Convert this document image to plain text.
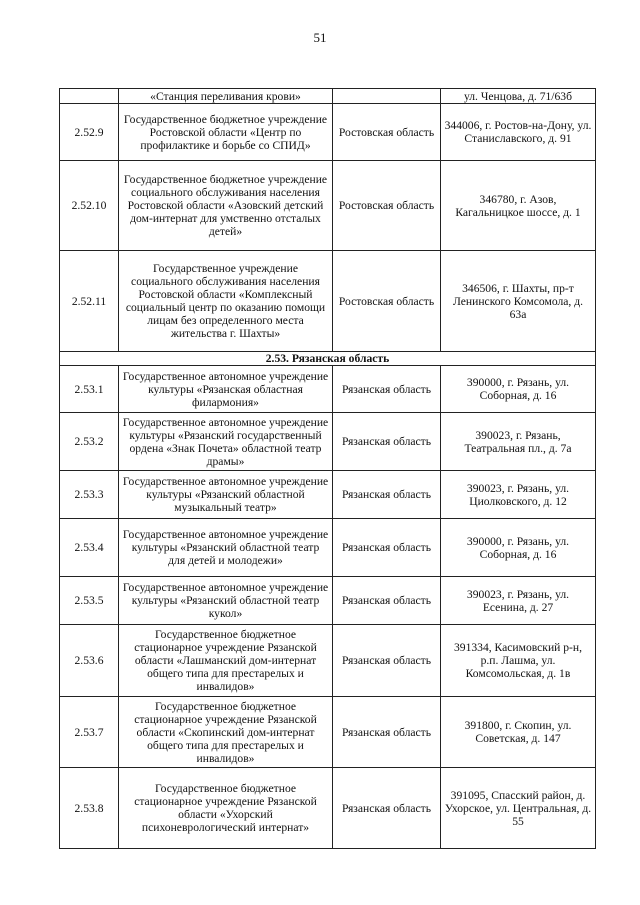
51
	«Станция переливания крови»		ул. Ченцова, д. 71/63б
2.52.9	Государственное бюджетное учреждение Ростовской области «Центр по профилактике и борьбе со СПИД»	Ростовская область	344006, г. Ростов-на-Дону, ул. Станиславского, д. 91
2.52.10	Государственное бюджетное учреждение социального обслуживания населения Ростовской области «Азовский детский дом-интернат для умственно отсталых детей»	Ростовская область	346780, г. Азов, Кагальницкое шоссе, д. 1
2.52.11	Государственное учреждение социального обслуживания населения Ростовской области «Комплексный социальный центр по оказанию помощи лицам без определенного места жительства г. Шахты»	Ростовская область	346506, г. Шахты, пр-т Ленинского Комсомола, д. 63а
2.53. Рязанская область			
2.53.1	Государственное автономное учреждение культуры «Рязанская областная филармония»	Рязанская область	390000, г. Рязань, ул. Соборная, д. 16
2.53.2	Государственное автономное учреждение культуры «Рязанский государственный ордена «Знак Почета» областной театр драмы»	Рязанская область	390023, г. Рязань, Театральная пл., д. 7а
2.53.3	Государственное автономное учреждение культуры «Рязанский областной музыкальный театр»	Рязанская область	390023, г. Рязань, ул. Циолковского, д. 12
2.53.4	Государственное автономное учреждение культуры «Рязанский областной театр для детей и молодежи»	Рязанская область	390000, г. Рязань, ул. Соборная, д. 16
2.53.5	Государственное автономное учреждение культуры «Рязанский областной театр кукол»	Рязанская область	390023, г. Рязань, ул. Есенина, д. 27
2.53.6	Государственное бюджетное стационарное учреждение Рязанской области «Лашманский дом-интернат общего типа для престарелых и инвалидов»	Рязанская область	391334, Касимовский р-н, р.п. Лашма, ул. Комсомольская, д. 1в
2.53.7	Государственное бюджетное стационарное учреждение Рязанской области «Скопинский дом-интернат общего типа для престарелых и инвалидов»	Рязанская область	391800, г. Скопин, ул. Советская, д. 147
2.53.8	Государственное бюджетное стационарное учреждение Рязанской области «Ухорский психоневрологический интернат»	Рязанская область	391095, Спасский район, д. Ухорское, ул. Центральная, д. 55
